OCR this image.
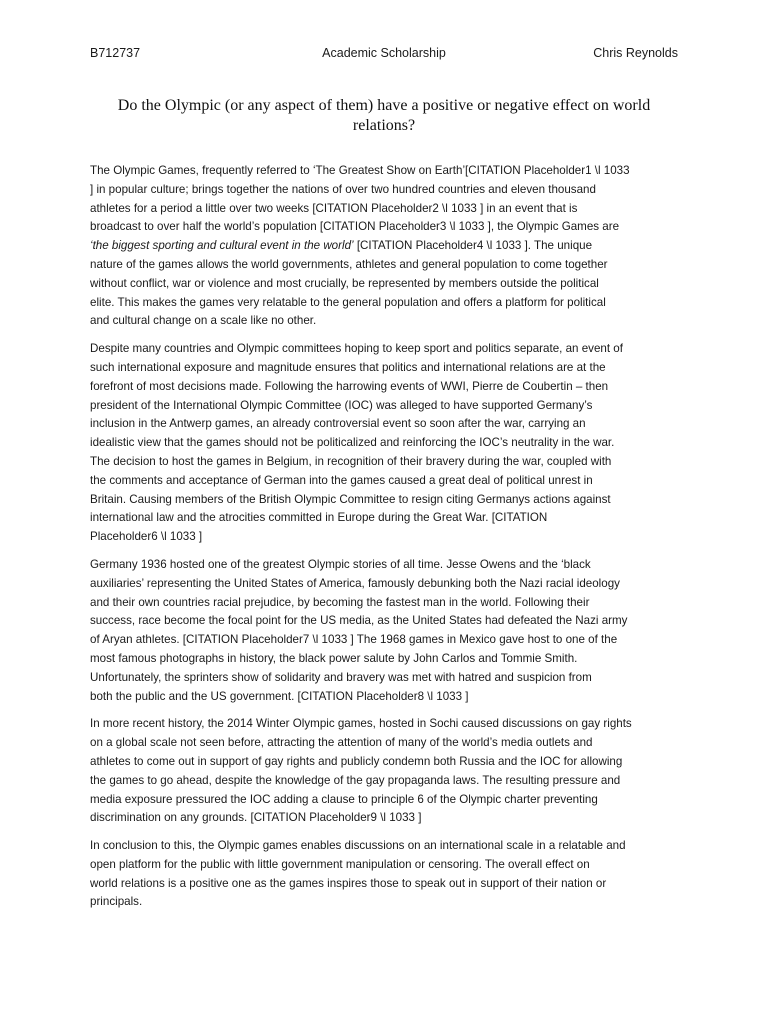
B712737	Academic Scholarship	Chris Reynolds
Do the Olympic (or any aspect of them) have a positive or negative effect on world
relations?

The Olympic Games, frequently referred to ‘The Greatest Show on Earth’[CITATION Placeholder1 \l 1033
] in popular culture; brings together the nations of over two hundred countries and eleven thousand
athletes for a period a little over two weeks [CITATION Placeholder2 \l 1033 ] in an event that is
broadcast to over half the world’s population [CITATION Placeholder3 \l 1033 ], the Olympic Games are
‘the biggest sporting and cultural event in the world’ [CITATION Placeholder4 \l 1033 ]. The unique
nature of the games allows the world governments, athletes and general population to come together
without conflict, war or violence and most crucially, be represented by members outside the political
elite. This makes the games very relatable to the general population and offers a platform for political
and cultural change on a scale like no other.

Despite many countries and Olympic committees hoping to keep sport and politics separate, an event of
such international exposure and magnitude ensures that politics and international relations are at the
forefront of most decisions made. Following the harrowing events of WWI, Pierre de Coubertin – then
president of the International Olympic Committee (IOC) was alleged to have supported Germany’s
inclusion in the Antwerp games, an already controversial event so soon after the war, carrying an
idealistic view that the games should not be politicalized and reinforcing the IOC’s neutrality in the war.
The decision to host the games in Belgium, in recognition of their bravery during the war, coupled with
the comments and acceptance of German into the games caused a great deal of political unrest in
Britain. Causing members of the British Olympic Committee to resign citing Germanys actions against
international law and the atrocities committed in Europe during the Great War. [CITATION
Placeholder6 \l 1033 ]

Germany 1936 hosted one of the greatest Olympic stories of all time. Jesse Owens and the ‘black
auxiliaries’ representing the United States of America, famously debunking both the Nazi racial ideology
and their own countries racial prejudice, by becoming the fastest man in the world. Following their
success, race become the focal point for the US media, as the United States had defeated the Nazi army
of Aryan athletes. [CITATION Placeholder7 \l 1033 ] The 1968 games in Mexico gave host to one of the
most famous photographs in history, the black power salute by John Carlos and Tommie Smith.
Unfortunately, the sprinters show of solidarity and bravery was met with hatred and suspicion from
both the public and the US government. [CITATION Placeholder8 \l 1033 ]

In more recent history, the 2014 Winter Olympic games, hosted in Sochi caused discussions on gay rights
on a global scale not seen before, attracting the attention of many of the world’s media outlets and
athletes to come out in support of gay rights and publicly condemn both Russia and the IOC for allowing
the games to go ahead, despite the knowledge of the gay propaganda laws. The resulting pressure and
media exposure pressured the IOC adding a clause to principle 6 of the Olympic charter preventing
discrimination on any grounds. [CITATION Placeholder9 \l 1033 ]

In conclusion to this, the Olympic games enables discussions on an international scale in a relatable and
open platform for the public with little government manipulation or censoring. The overall effect on
world relations is a positive one as the games inspires those to speak out in support of their nation or
principals.
